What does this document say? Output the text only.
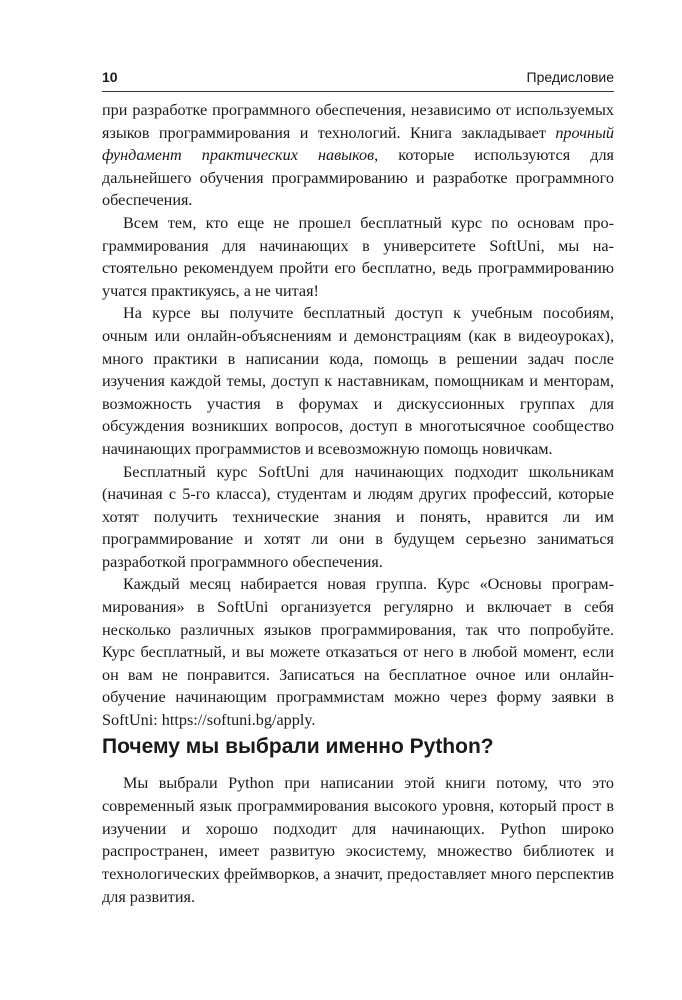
10	Предисловие

при разработке программного обеспечения, независимо от используемых языков программирования и технологий. Книга закладывает прочный фундамент практических навыков, которые используются для дальнейшего обучения программированию и разработке программного обеспечения.

Всем тем, кто еще не прошел бесплатный курс по основам программирования для начинающих в университете SoftUni, мы настоятельно рекомендуем пройти его бесплатно, ведь программированию учатся практикуясь, а не читая!

На курсе вы получите бесплатный доступ к учебным пособиям, очным или онлайн-объяснениям и демонстрациям (как в видеоуроках), много практики в написании кода, помощь в решении задач после изучения каждой темы, доступ к наставникам, помощникам и менторам, возможность участия в форумах и дискуссионных группах для обсуждения возникших вопросов, доступ в многотысячное сообщество начинающих программистов и всевозможную помощь новичкам.

Бесплатный курс SoftUni для начинающих подходит школьникам (начиная с 5-го класса), студентам и людям других профессий, которые хотят получить технические знания и понять, нравится ли им программирование и хотят ли они в будущем серьезно заниматься разработкой программного обеспечения.

Каждый месяц набирается новая группа. Курс «Основы программирования» в SoftUni организуется регулярно и включает в себя несколько различных языков программирования, так что попробуйте. Курс бесплатный, и вы можете отказаться от него в любой момент, если он вам не понравится. Записаться на бесплатное очное или онлайн-обучение начинающим программистам можно через форму заявки в SoftUni: https://softuni.bg/apply.

Почему мы выбрали именно Python?

Мы выбрали Python при написании этой книги потому, что это современный язык программирования высокого уровня, который прост в изучении и хорошо подходит для начинающих. Python широко распространен, имеет развитую экосистему, множество библиотек и технологических фреймворков, а значит, предоставляет много перспектив для развития.
